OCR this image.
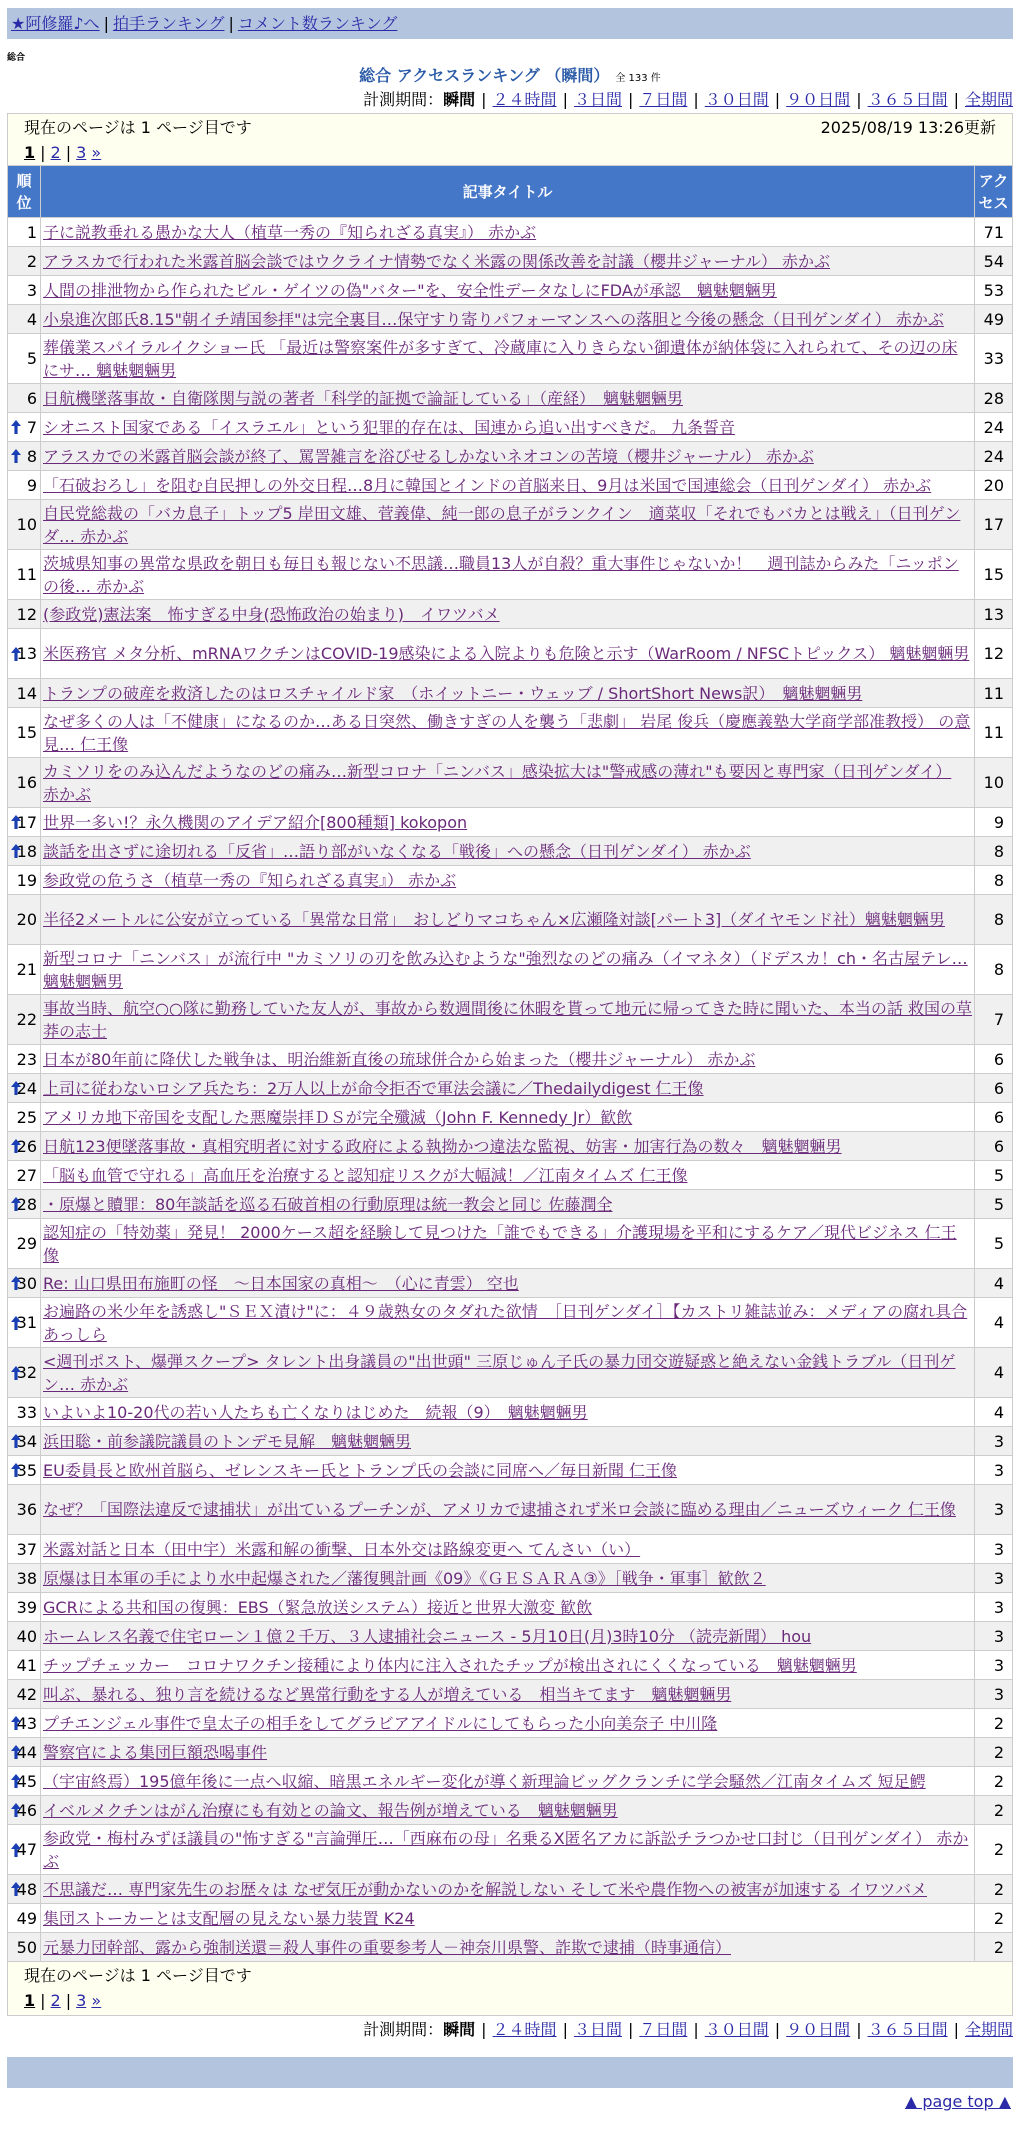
★阿修羅♪へ | 拍手ランキング | コメント数ランキング
総合
総合 アクセスランキング （瞬間） 全 133 件
計測期間：瞬間 | ２４時間 | ３日間 | ７日間 | ３０日間 | ９０日間 | ３６５日間 | 全期間
現在のページは 1 ページ目です	2025/08/19 13:26更新
1 | 2 | 3 »
順位	記事タイトル	アクセス
1	子に説教垂れる愚かな大人（植草一秀の『知られざる真実』） 赤かぶ	71
2	アラスカで行われた米露首脳会談ではウクライナ情勢でなく米露の関係改善を討議（櫻井ジャーナル） 赤かぶ	54
3	人間の排泄物から作られたビル・ゲイツの偽"バター"を、安全性データなしにFDAが承認　魑魅魍魎男	53
4	小泉進次郎氏8.15"朝イチ靖国参拝"は完全裏目…保守すり寄りパフォーマンスへの落胆と今後の懸念（日刊ゲンダイ） 赤かぶ	49
5	葬儀業スパイラルイクショー氏 「最近は警察案件が多すぎて、冷蔵庫に入りきらない御遺体が納体袋に入れられて、その辺の床にサ… 魑魅魍魎男	33
6	日航機墜落事故・自衛隊関与説の著者「科学的証拠で論証している」（産経）　魑魅魍魎男	28

7	シオニスト国家である「イスラエル」という犯罪的存在は、国連から追い出すべきだ。 九条誓音	24

8	アラスカでの米露首脳会談が終了、罵詈雑言を浴びせるしかないネオコンの苦境（櫻井ジャーナル） 赤かぶ	24
9	「石破おろし」を阻む自民押しの外交日程…8月に韓国とインドの首脳来日、9月は米国で国連総会（日刊ゲンダイ） 赤かぶ	20
10	自民党総裁の「バカ息子」トップ5 岸田文雄、菅義偉、純一郎の息子がランクイン　適菜収「それでもバカとは戦え」（日刊ゲンダ… 赤かぶ	17
11	茨城県知事の異常な県政を朝日も毎日も報じない不思議…職員13人が自殺？重大事件じゃないか！　週刊誌からみた「ニッポンの後… 赤かぶ	15
12	(参政党)憲法案　怖すぎる中身(恐怖政治の始まり)　イワツバメ	13

13	米医務官 メタ分析、mRNAワクチンはCOVID-19感染による入院よりも危険と示す（WarRoom / NFSCトピックス） 魑魅魍魎男	12
14	トランプの破産を救済したのはロスチャイルド家　（ホイットニー・ウェッブ / ShortShort News訳）　魑魅魍魎男	11
15	なぜ多くの人は「不健康」になるのか…ある日突然、働きすぎの人を襲う「悲劇」 岩尾 俊兵（慶應義塾大学商学部准教授） の意見… 仁王像	11
16	カミソリをのみ込んだようなのどの痛み…新型コロナ「ニンバス」感染拡大は"警戒感の薄れ"も要因と専門家（日刊ゲンダイ） 赤かぶ	10

17	世界一多い!？永久機関のアイデア紹介[800種類] kokopon	9

18	談話を出さずに途切れる「反省」…語り部がいなくなる「戦後」への懸念（日刊ゲンダイ） 赤かぶ	8
19	参政党の危うさ（植草一秀の『知られざる真実』） 赤かぶ	8
20	半径2メートルに公安が立っている「異常な日常」　おしどりマコちゃん×広瀬隆対談[パート3]（ダイヤモンド社）魑魅魍魎男	8
21	新型コロナ「ニンバス」が流行中 "カミソリの刃を飲み込むような"強烈なのどの痛み（イマネタ）（ドデスカ！ch・名古屋テレ… 魑魅魍魎男	8
22	事故当時、航空○○隊に勤務していた友人が、事故から数週間後に休暇を貰って地元に帰ってきた時に聞いた、本当の話 救国の草莽の志士	7
23	日本が80年前に降伏した戦争は、明治維新直後の琉球併合から始まった（櫻井ジャーナル） 赤かぶ	6

24	上司に従わないロシア兵たち：2万人以上が命令拒否で軍法会議に／Thedailydigest 仁王像	6
25	アメリカ地下帝国を支配した悪魔崇拝ＤＳが完全殲滅（John F. Kennedy Jr）歓飲	6

26	日航123便墜落事故・真相究明者に対する政府による執拗かつ違法な監視、妨害・加害行為の数々　魑魅魍魎男	6
27	「脳も血管で守れる」高血圧を治療すると認知症リスクが大幅減！／江南タイムズ 仁王像	5

28	・原爆と贖罪：80年談話を巡る石破首相の行動原理は統一教会と同じ 佐藤潤全	5
29	認知症の「特効薬」発見！ 2000ケース超を経験して見つけた「誰でもできる」介護現場を平和にするケア／現代ビジネス 仁王像	5

30	Re: 山口県田布施町の怪　～日本国家の真相～　（心に青雲） 空也	4

31	お遍路の米少年を誘惑し"ＳＥＸ漬け"に：４９歳熟女のタダれた欲情　［日刊ゲンダイ］【カストリ雑誌並み：メディアの腐れ具合 あっしら	4

32	<週刊ポスト、爆弾スクープ> タレント出身議員の"出世頭" 三原じゅん子氏の暴力団交遊疑惑と絶えない金銭トラブル（日刊ゲン… 赤かぶ	4
33	いよいよ10-20代の若い人たちも亡くなりはじめた　続報（9）　魑魅魍魎男	4

34	浜田聡・前参議院議員のトンデモ見解　魑魅魍魎男	3

35	EU委員長と欧州首脳ら、ゼレンスキー氏とトランプ氏の会談に同席へ／毎日新聞 仁王像	3
36	なぜ？「国際法違反で逮捕状」が出ているプーチンが、アメリカで逮捕されず米ロ会談に臨める理由／ニューズウィーク 仁王像	3
37	米露対話と日本（田中宇）米露和解の衝撃、日本外交は路線変更へ てんさい（い）	3
38	原爆は日本軍の手により水中起爆された／藩復興計画《09》《ＧＥＳＡＲＡ③》［戦争・軍事］歓飲２	3
39	GCRによる共和国の復興：EBS（緊急放送システム）接近と世界大激変 歓飲	3
40	ホームレス名義で住宅ローン１億２千万、３人逮捕社会ニュース - 5月10日(月)3時10分 （読売新聞） hou	3
41	チップチェッカー　コロナワクチン接種により体内に注入されたチップが検出されにくくなっている　魑魅魍魎男	3
42	叫ぶ、暴れる、独り言を続けるなど異常行動をする人が増えている　相当キてます　魑魅魍魎男	3

43	プチエンジェル事件で皇太子の相手をしてグラビアアイドルにしてもらった小向美奈子 中川隆	2

44	警察官による集団巨額恐喝事件	2

45	（宇宙終焉）195億年後に一点へ収縮、暗黒エネルギー変化が導く新理論ビッグクランチに学会騒然／江南タイムズ 短足鰐	2

46	イベルメクチンはがん治療にも有効との論文、報告例が増えている　魑魅魍魎男	2

47	参政党・梅村みずほ議員の"怖すぎる"言論弾圧…「西麻布の母」名乗るX匿名アカに訴訟チラつかせ口封じ（日刊ゲンダイ） 赤かぶ	2

48	不思議だ… 専門家先生のお歴々は なぜ気圧が動かないのかを解説しない そして米や農作物への被害が加速する イワツバメ	2
49	集団ストーカーとは支配層の見えない暴力装置 K24	2
50	元暴力団幹部、露から強制送還＝殺人事件の重要参考人－神奈川県警、詐欺で逮捕（時事通信）	2
現在のページは 1 ページ目です
1 | 2 | 3 »
計測期間：瞬間 | ２４時間 | ３日間 | ７日間 | ３０日間 | ９０日間 | ３６５日間 | 全期間
▲ page top ▲
